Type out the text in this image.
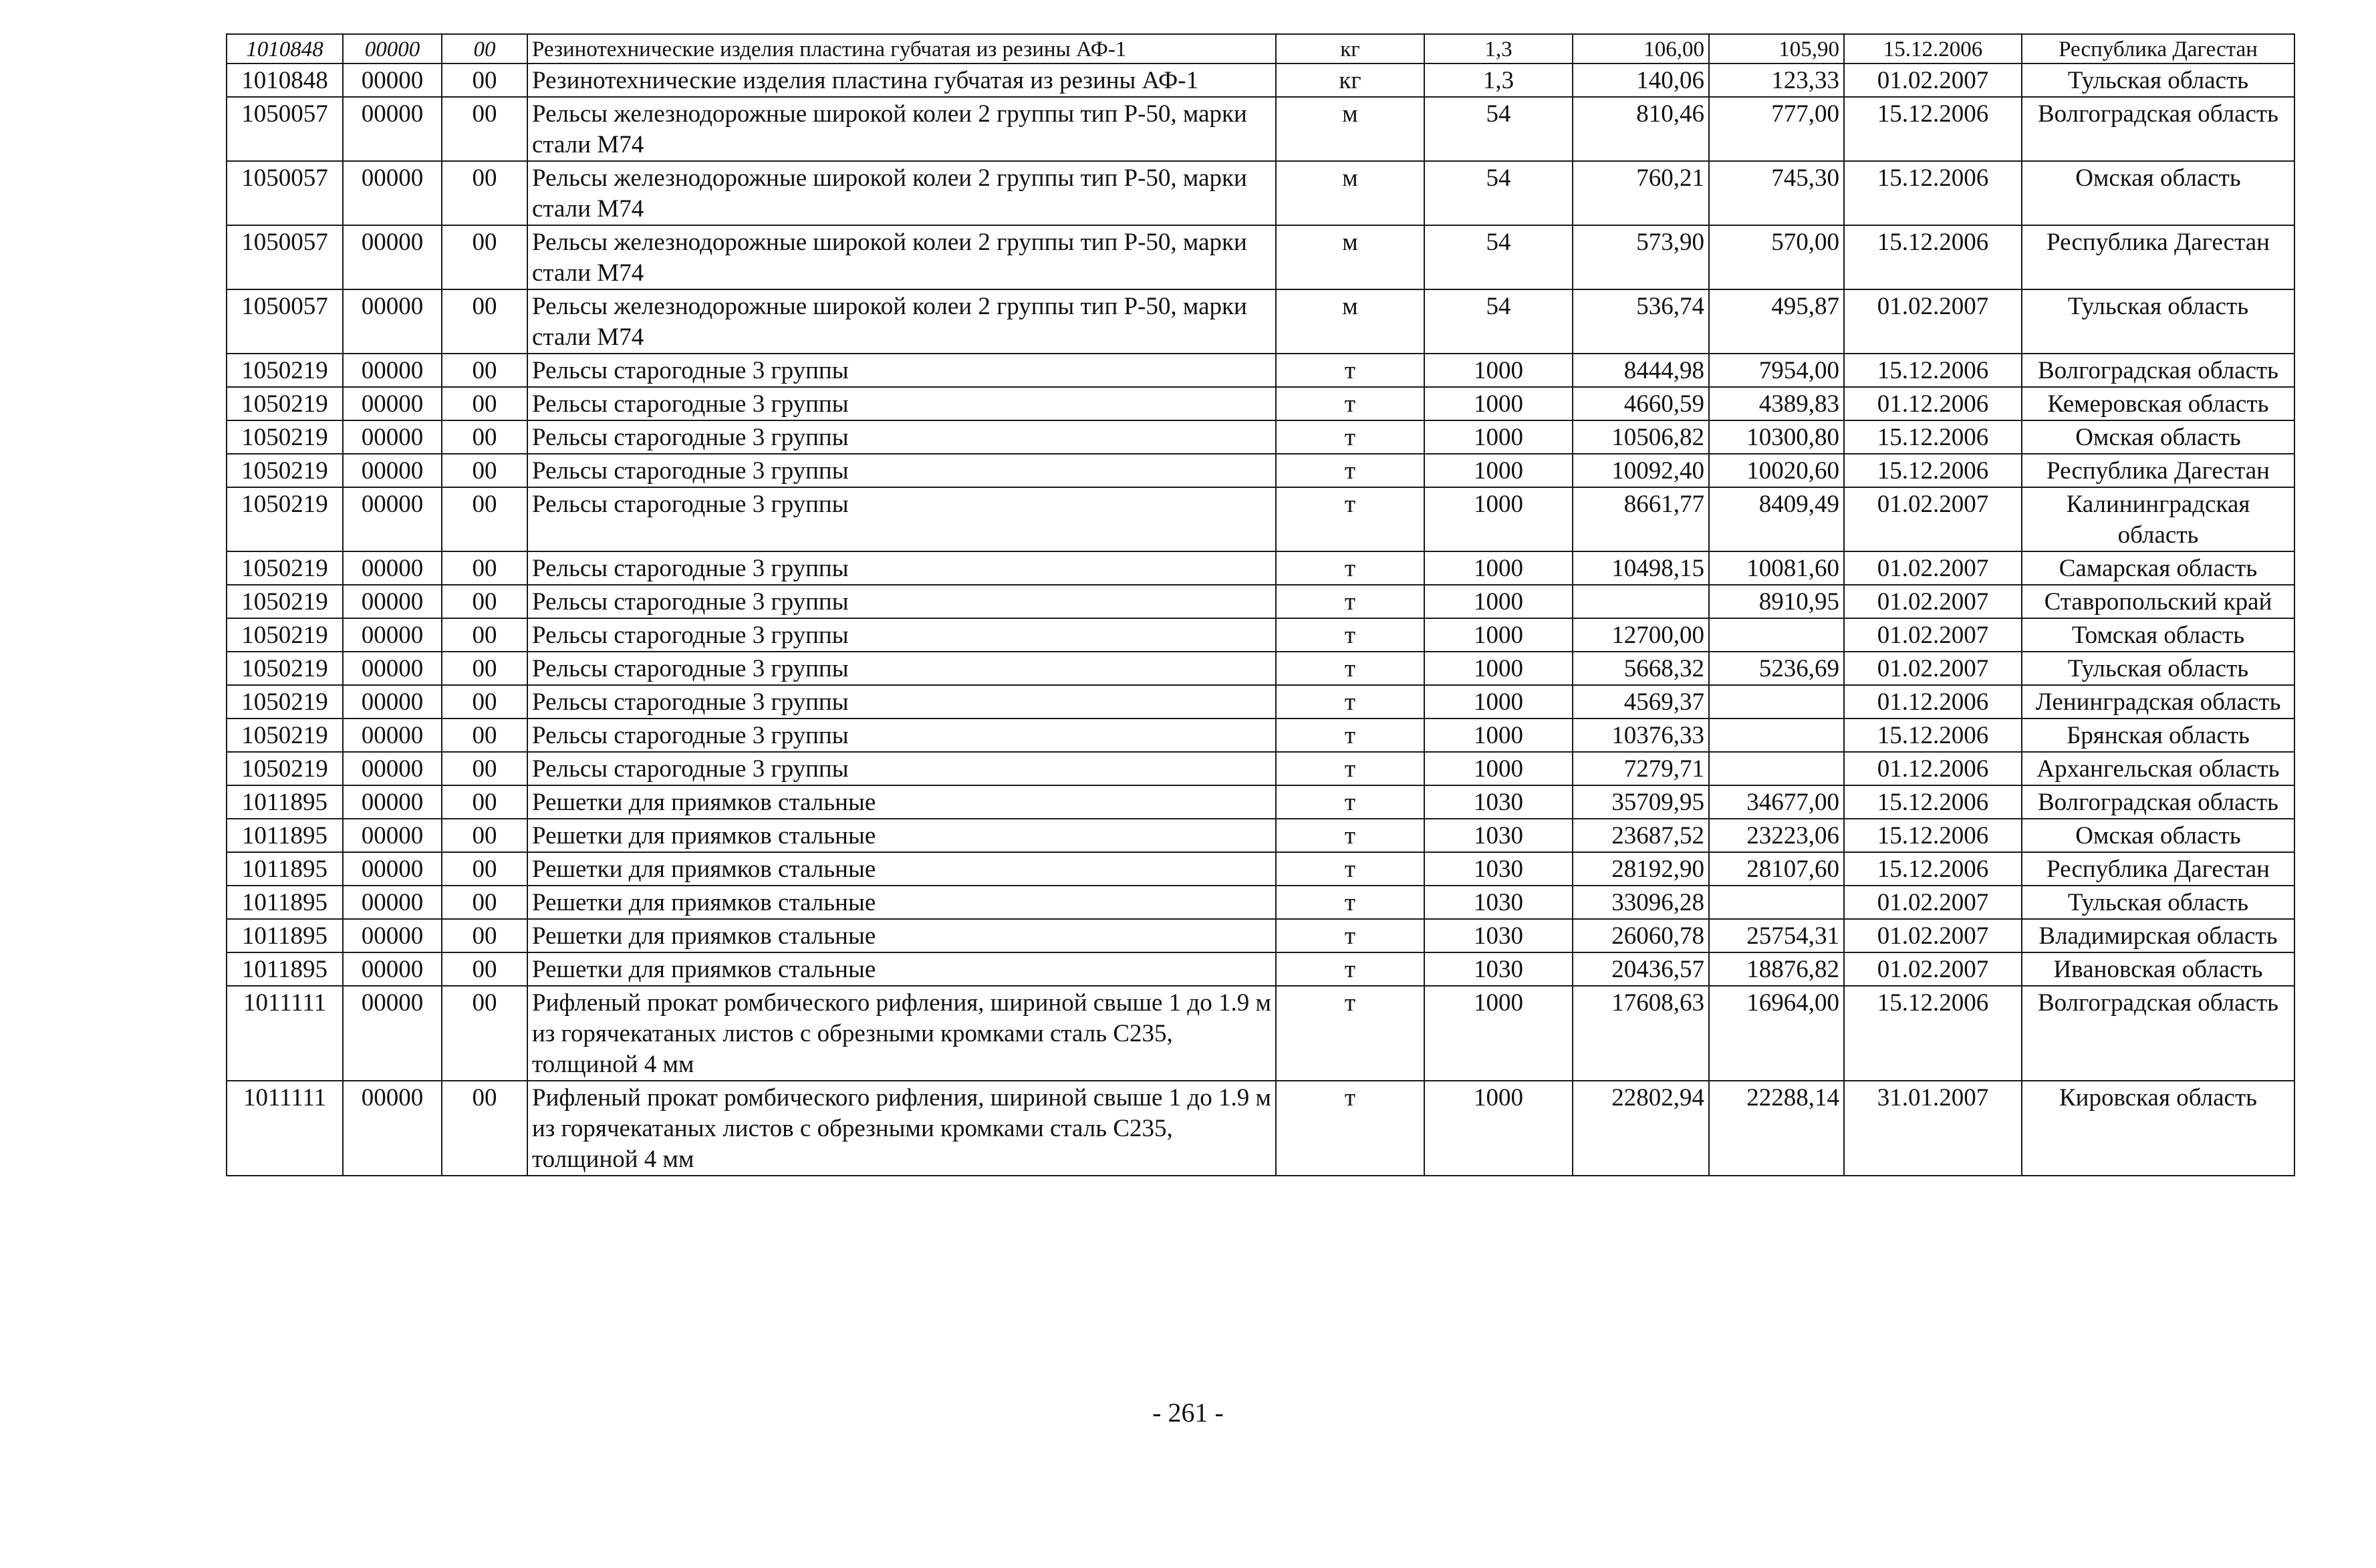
1010848	00000	00	Резинотехнические изделия пластина губчатая из резины АФ-1	кг	1,3	106,00	105,90	15.12.2006	Республика Дагестан
1010848	00000	00	Резинотехнические изделия пластина губчатая из резины АФ-1	кг	1,3	140,06	123,33	01.02.2007	Тульская область
1050057	00000	00	Рельсы железнодорожные широкой колеи 2 группы тип Р-50, марки стали М74	м	54	810,46	777,00	15.12.2006	Волгоградская область
1050057	00000	00	Рельсы железнодорожные широкой колеи 2 группы тип Р-50, марки стали М74	м	54	760,21	745,30	15.12.2006	Омская область
1050057	00000	00	Рельсы железнодорожные широкой колеи 2 группы тип Р-50, марки стали М74	м	54	573,90	570,00	15.12.2006	Республика Дагестан
1050057	00000	00	Рельсы железнодорожные широкой колеи 2 группы тип Р-50, марки стали М74	м	54	536,74	495,87	01.02.2007	Тульская область
1050219	00000	00	Рельсы старогодные 3 группы	т	1000	8444,98	7954,00	15.12.2006	Волгоградская область
1050219	00000	00	Рельсы старогодные 3 группы	т	1000	4660,59	4389,83	01.12.2006	Кемеровская область
1050219	00000	00	Рельсы старогодные 3 группы	т	1000	10506,82	10300,80	15.12.2006	Омская область
1050219	00000	00	Рельсы старогодные 3 группы	т	1000	10092,40	10020,60	15.12.2006	Республика Дагестан
1050219	00000	00	Рельсы старогодные 3 группы	т	1000	8661,77	8409,49	01.02.2007	Калининградская область
1050219	00000	00	Рельсы старогодные 3 группы	т	1000	10498,15	10081,60	01.02.2007	Самарская область
1050219	00000	00	Рельсы старогодные 3 группы	т	1000		8910,95	01.02.2007	Ставропольский край
1050219	00000	00	Рельсы старогодные 3 группы	т	1000	12700,00		01.02.2007	Томская область
1050219	00000	00	Рельсы старогодные 3 группы	т	1000	5668,32	5236,69	01.02.2007	Тульская область
1050219	00000	00	Рельсы старогодные 3 группы	т	1000	4569,37		01.12.2006	Ленинградская область
1050219	00000	00	Рельсы старогодные 3 группы	т	1000	10376,33		15.12.2006	Брянская область
1050219	00000	00	Рельсы старогодные 3 группы	т	1000	7279,71		01.12.2006	Архангельская область
1011895	00000	00	Решетки для приямков стальные	т	1030	35709,95	34677,00	15.12.2006	Волгоградская область
1011895	00000	00	Решетки для приямков стальные	т	1030	23687,52	23223,06	15.12.2006	Омская область
1011895	00000	00	Решетки для приямков стальные	т	1030	28192,90	28107,60	15.12.2006	Республика Дагестан
1011895	00000	00	Решетки для приямков стальные	т	1030	33096,28		01.02.2007	Тульская область
1011895	00000	00	Решетки для приямков стальные	т	1030	26060,78	25754,31	01.02.2007	Владимирская область
1011895	00000	00	Решетки для приямков стальные	т	1030	20436,57	18876,82	01.02.2007	Ивановская область
1011111	00000	00	Рифленый прокат ромбического рифления, шириной свыше 1 до 1.9 м из горячекатаных листов с обрезными кромками сталь С235, толщиной 4 мм	т	1000	17608,63	16964,00	15.12.2006	Волгоградская область
1011111	00000	00	Рифленый прокат ромбического рифления, шириной свыше 1 до 1.9 м из горячекатаных листов с обрезными кромками сталь С235, толщиной 4 мм	т	1000	22802,94	22288,14	31.01.2007	Кировская область
- 261 -
